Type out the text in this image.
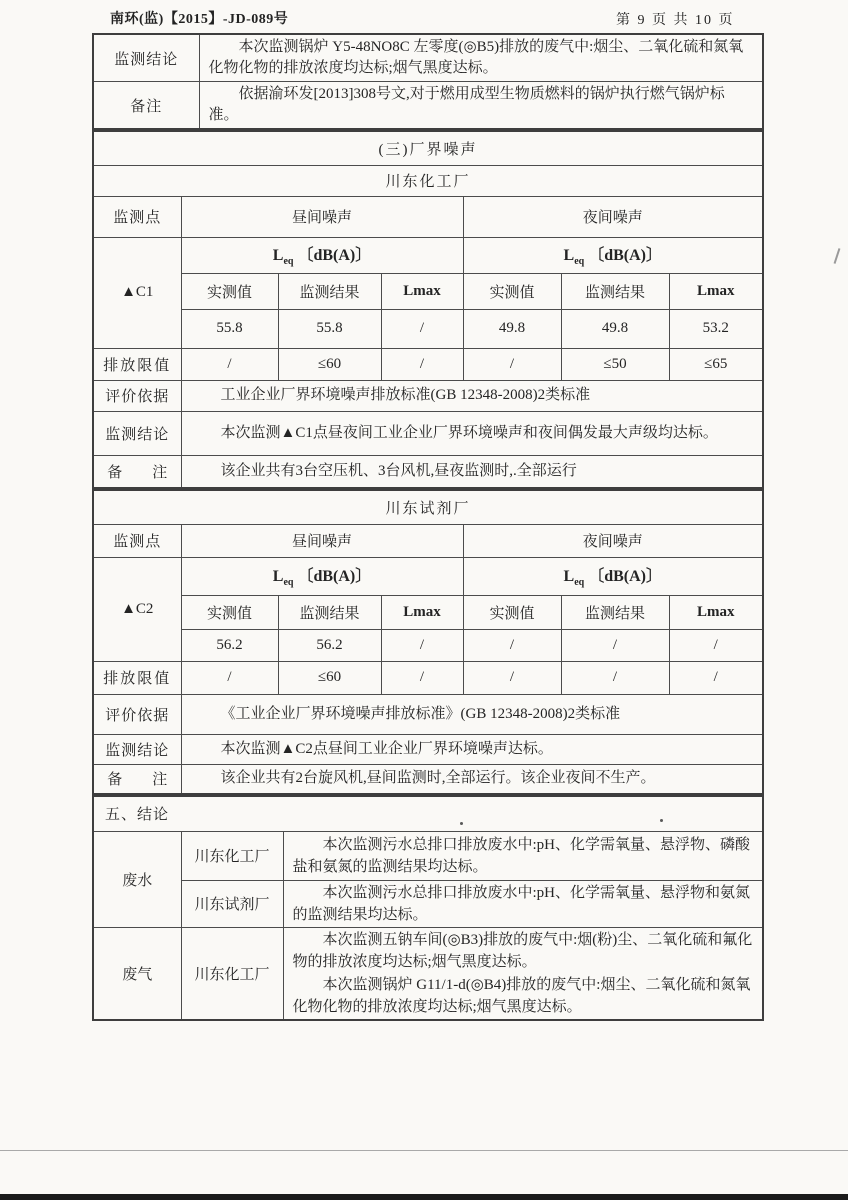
南环(监)【2015】-JD-089号	第 9 页 共 10 页
监测结论	本次监测锅炉 Y5-48NO8C 左零度(◎B5)排放的废气中:烟尘、二氧化硫和氮氧化物化物的排放浓度均达标;烟气黑度达标。

备注	依据渝环发[2013]308号文,对于燃用成型生物质燃料的锅炉执行燃气锅炉标准。
(三)厂界噪声						
川东化工厂						
监测点	昼间噪声			夜间噪声		
▲C1	$L_{eq}$ 〔dB(A)〕			$L_{eq}$ 〔dB(A)〕		
	实测值	监测结果	Lmax	实测值	监测结果	Lmax
	55.8	55.8	/	49.8	49.8	53.2
排放限值	/	≤60	/	/	≤50	≤65
评价依据	工业企业厂界环境噪声排放标准(GB 12348-2008)2类标准					

监测结论	本次监测▲C1点昼夜间工业企业厂界环境噪声和夜间偶发最大声级均达标。					

备　　注	该企业共有3台空压机、3台风机,昼夜监测时,.全部运行					
川东试剂厂						
监测点	昼间噪声			夜间噪声		
▲C2	$L_{eq}$ 〔dB(A)〕			$L_{eq}$ 〔dB(A)〕		
	实测值	监测结果	Lmax	实测值	监测结果	Lmax
	56.2	56.2	/	/	/	/
排放限值	/	≤60	/	/	/	/
评价依据	《工业企业厂界环境噪声排放标准》(GB 12348-2008)2类标准					

监测结论	本次监测▲C2点昼间工业企业厂界环境噪声达标。					

备　　注	该企业共有2台旋风机,昼间监测时,全部运行。该企业夜间不生产。					
五、结论		
废水	川东化工厂	本次监测污水总排口排放废水中:pH、化学需氧量、悬浮物、磷酸盐和氨氮的监测结果均达标。

	川东试剂厂	本次监测污水总排口排放废水中:pH、化学需氧量、悬浮物和氨氮的监测结果均达标。

废气	川东化工厂	本次监测五钠车间(◎B3)排放的废气中:烟(粉)尘、二氧化硫和氟化物的排放浓度均达标;烟气黑度达标。
本次监测锅炉 G11/1-d(◎B4)排放的废气中:烟尘、二氧化硫和氮氧化物化物的排放浓度均达标;烟气黑度达标。
